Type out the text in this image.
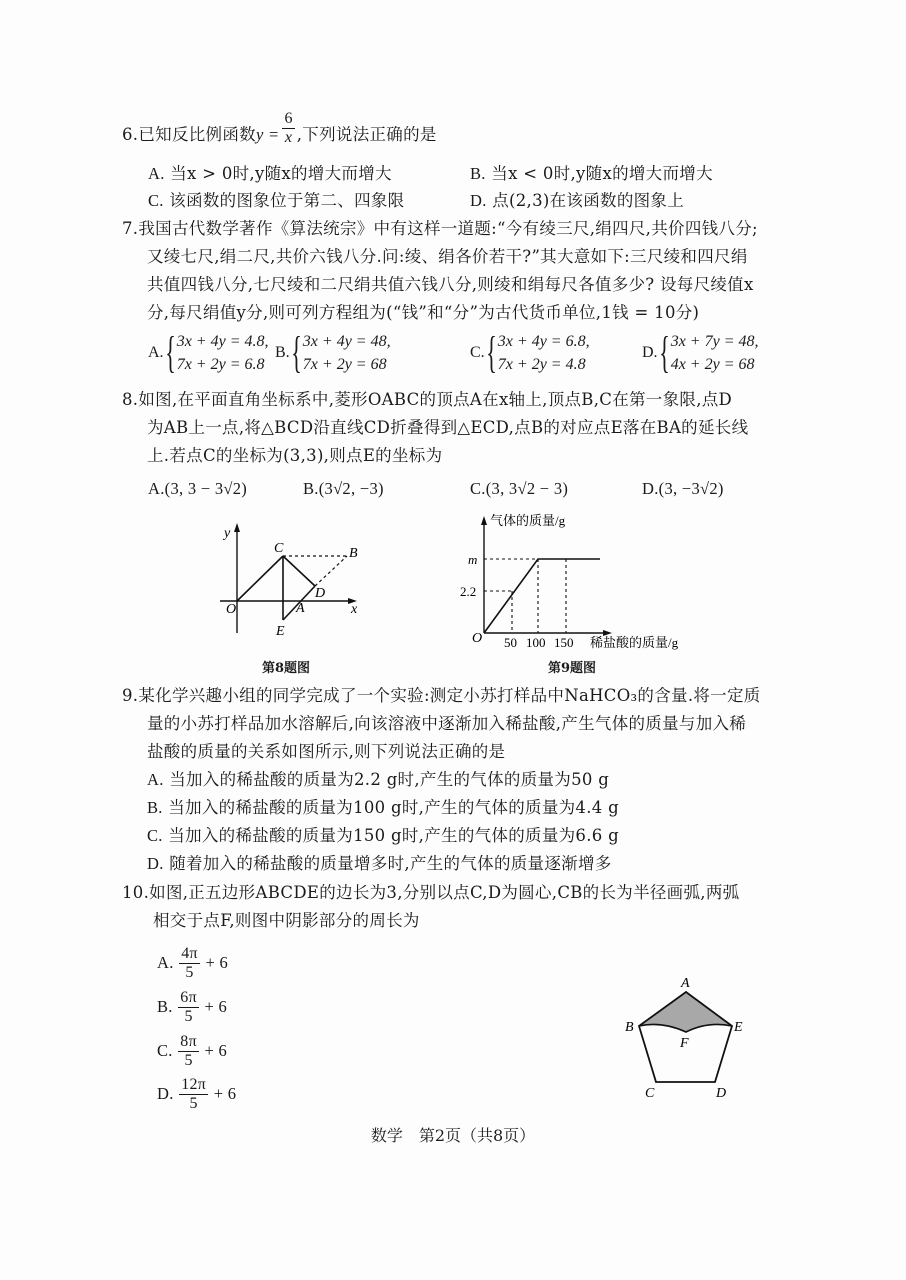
6.已知反比例函数$y = \frac{6}{x}$ ,下列说法正确的是
A. 当x > 0时,y随x的增大而增大	B. 当x < 0时,y随x的增大而增大
C. 该函数的图象位于第二、四象限	D. 点(2,3)在该函数的图象上
7.我国古代数学著作《算法统宗》中有这样一道题:“今有绫三尺,绢四尺,共价四钱八分;
又绫七尺,绢二尺,共价六钱八分.问:绫、绢各价若干?”其大意如下:三尺绫和四尺绢
共值四钱八分,七尺绫和二尺绢共值六钱八分,则绫和绢每尺各值多少? 设每尺绫值x
分,每尺绢值y分,则可列方程组为(“钱”和“分”为古代货币单位,1钱 = 10分)
A. { 3x + 4y = 4.8,
7x + 2y = 6.8
B. { 3x + 4y = 48,
7x + 2y = 68
C. { 3x + 4y = 6.8,
7x + 2y = 4.8
D. { 3x + 7y = 48,
4x + 2y = 68
8.如图,在平面直角坐标系中,菱形OABC的顶点A在x轴上,顶点B,C在第一象限,点D
为AB上一点,将△BCD沿直线CD折叠得到△ECD,点B的对应点E落在BA的延长线
上.若点C的坐标为(3,3),则点E的坐标为
A.(3, 3 − 3√2)	B.(3√2, −3)	C.(3, 3√2 − 3)	D.(3, −3√2)
y
x
O
C	B
D
A
E
第8题图
m
2.2
O 50 100 150 稀盐酸的质量/g
气体的质量/g
第9题图
9.某化学兴趣小组的同学完成了一个实验:测定小苏打样品中NaHCO₃的含量.将一定质
量的小苏打样品加水溶解后,向该溶液中逐渐加入稀盐酸,产生气体的质量与加入稀
盐酸的质量的关系如图所示,则下列说法正确的是
A. 当加入的稀盐酸的质量为2.2 g时,产生的气体的质量为50 g
B. 当加入的稀盐酸的质量为100 g时,产生的气体的质量为4.4 g
C. 当加入的稀盐酸的质量为150 g时,产生的气体的质量为6.6 g
D. 随着加入的稀盐酸的质量增多时,产生的气体的质量逐渐增多
10.如图,正五边形ABCDE的边长为3,分别以点C,D为圆心,CB的长为半径画弧,两弧
相交于点F,则图中阴影部分的周长为
A. $\frac{4\pi}{5} + 6$
B. $\frac{6\pi}{5} + 6$
C. $\frac{8\pi}{5} + 6$
D. $\frac{12\pi}{5} + 6$
A
B	E
F
C	D
数学　第2页（共8页）
